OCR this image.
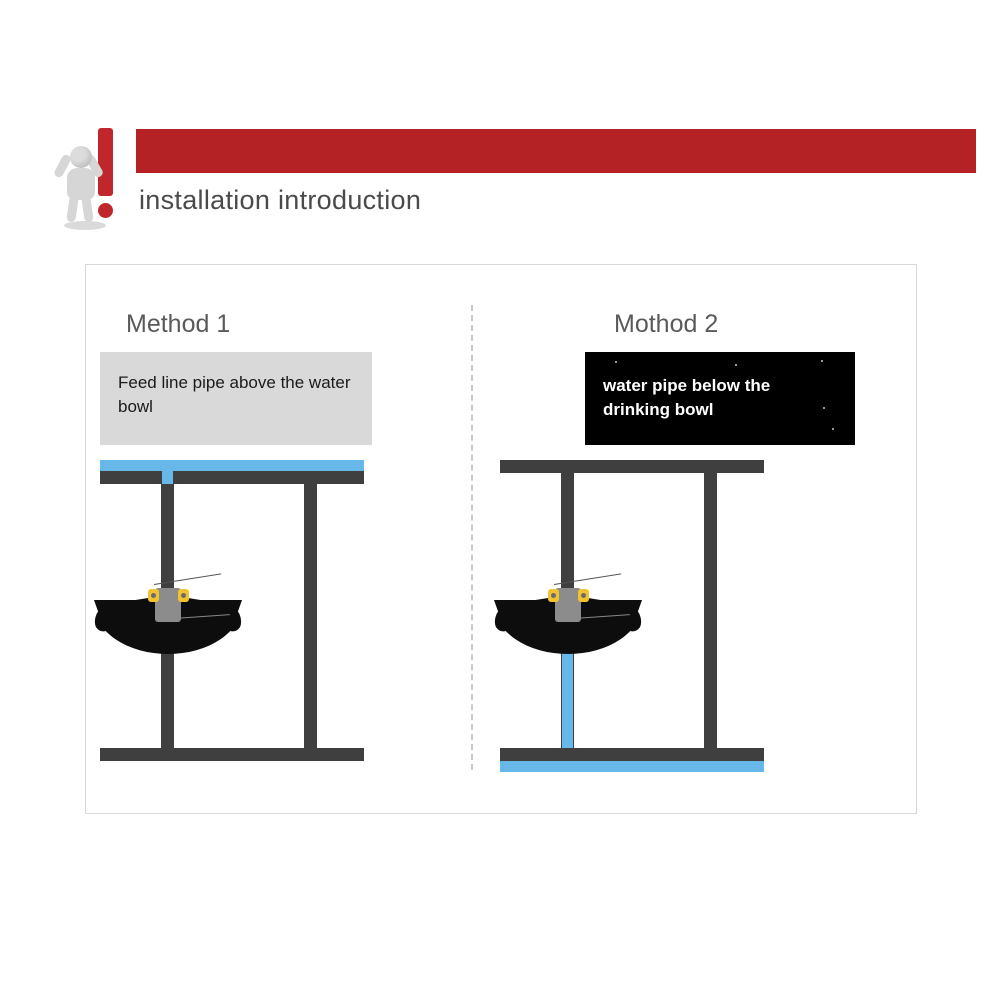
installation introduction
Method 1
Feed line pipe above the water bowl
Mothod 2
water pipe below the drinking bowl
